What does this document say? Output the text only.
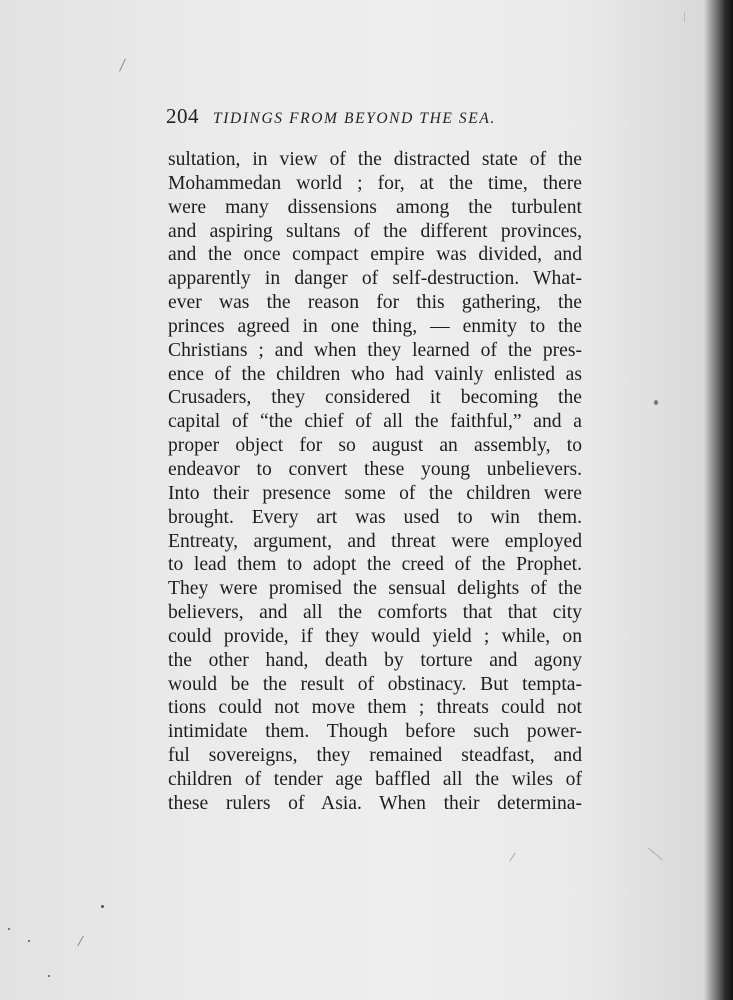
204 TIDINGS FROM BEYOND THE SEA.
sultation, in view of the distracted state of the
Mohammedan world ; for, at the time, there
were many dissensions among the turbulent
and aspiring sultans of the different provinces,
and the once compact empire was divided, and
apparently in danger of self-destruction. What-
ever was the reason for this gathering, the
princes agreed in one thing, — enmity to the
Christians ; and when they learned of the pres-
ence of the children who had vainly enlisted as
Crusaders, they considered it becoming the
capital of “the chief of all the faithful,” and a
proper object for so august an assembly, to
endeavor to convert these young unbelievers.
Into their presence some of the children were
brought. Every art was used to win them.
Entreaty, argument, and threat were employed
to lead them to adopt the creed of the Prophet.
They were promised the sensual delights of the
believers, and all the comforts that that city
could provide, if they would yield ; while, on
the other hand, death by torture and agony
would be the result of obstinacy. But tempta-
tions could not move them ; threats could not
intimidate them. Though before such power-
ful sovereigns, they remained steadfast, and
children of tender age baffled all the wiles of
these rulers of Asia. When their determina-
